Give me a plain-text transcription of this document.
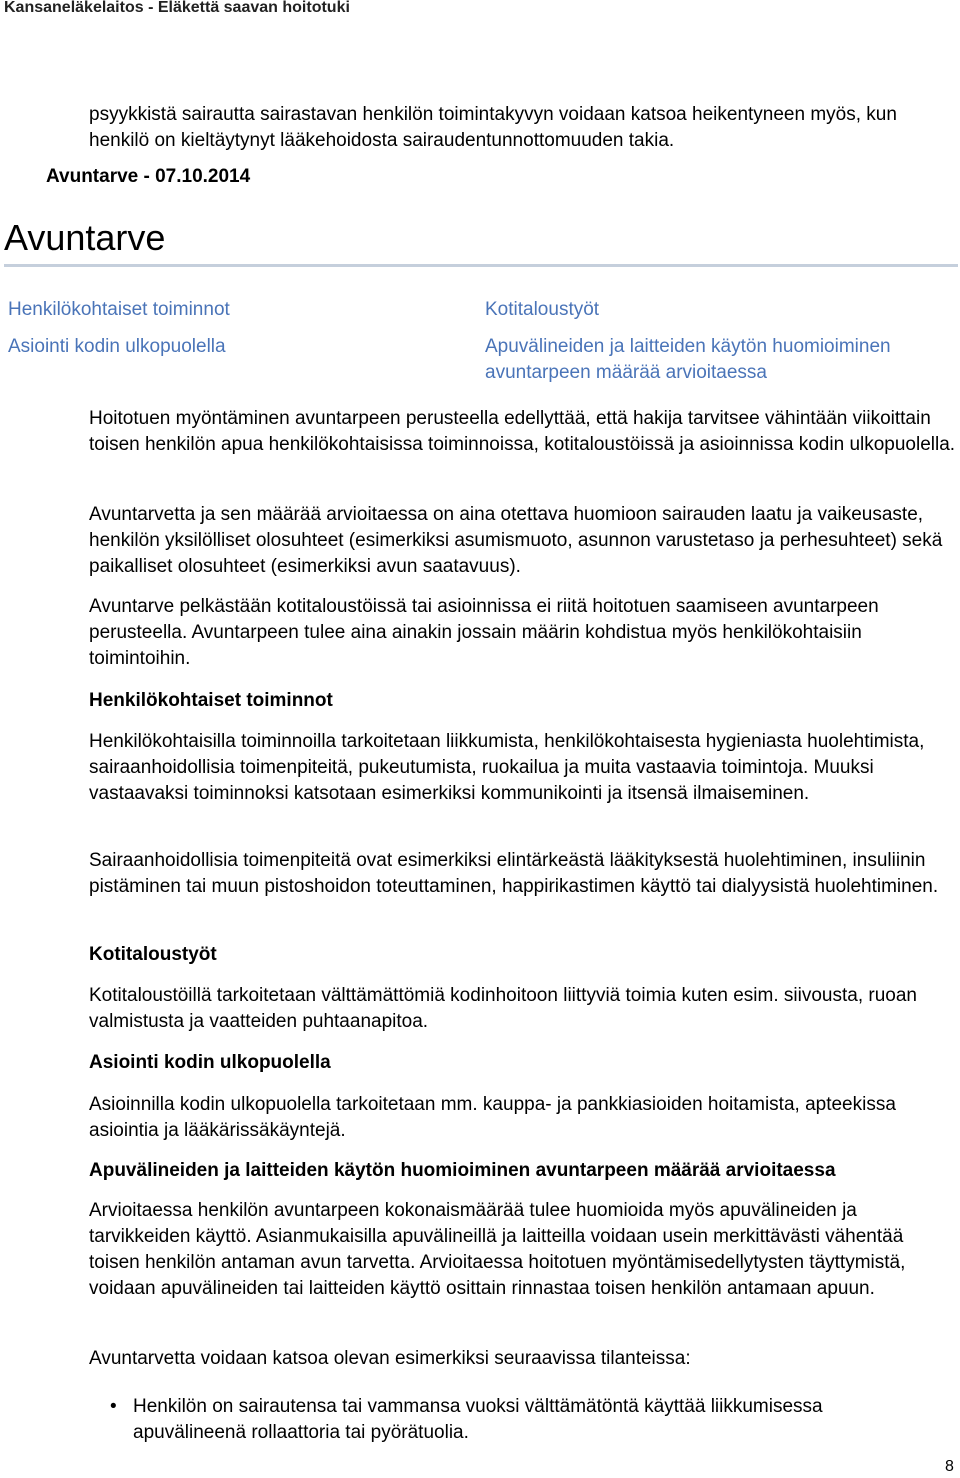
Kansaneläkelaitos - Eläkettä saavan hoitotuki

psyykkistä sairautta sairastavan henkilön toimintakyvyn voidaan katsoa heikentyneen myös, kun henkilö on kieltäytynyt lääkehoidosta sairaudentunnottomuuden takia.

Avuntarve - 07.10.2014

Avuntarve
Henkilökohtaiset toiminnot
Asiointi kodin ulkopuolella
Kotitaloustyöt
Apuvälineiden ja laitteiden käytön huomioiminen avuntarpeen määrää arvioitaessa

Hoitotuen myöntäminen avuntarpeen perusteella edellyttää, että hakija tarvitsee vähintään viikoittain toisen henkilön apua henkilökohtaisissa toiminnoissa, kotitaloustöissä ja asioinnissa kodin ulkopuolella.

Avuntarvetta ja sen määrää arvioitaessa on aina otettava huomioon sairauden laatu ja vaikeusaste, henkilön yksilölliset olosuhteet (esimerkiksi asumismuoto, asunnon varustetaso ja perhesuhteet) sekä paikalliset olosuhteet (esimerkiksi avun saatavuus).

Avuntarve pelkästään kotitaloustöissä tai asioinnissa ei riitä hoitotuen saamiseen avuntarpeen perusteella. Avuntarpeen tulee aina ainakin jossain määrin kohdistua myös henkilökohtaisiin toimintoihin.

Henkilökohtaiset toiminnot

Henkilökohtaisilla toiminnoilla tarkoitetaan liikkumista, henkilökohtaisesta hygieniasta huolehtimista, sairaanhoidollisia toimenpiteitä, pukeutumista, ruokailua ja muita vastaavia toimintoja. Muuksi vastaavaksi toiminnoksi katsotaan esimerkiksi kommunikointi ja itsensä ilmaiseminen.

Sairaanhoidollisia toimenpiteitä ovat esimerkiksi elintärkeästä lääkityksestä huolehtiminen, insuliinin pistäminen tai muun pistoshoidon toteuttaminen, happirikastimen käyttö tai dialyysistä huolehtiminen.

Kotitaloustyöt

Kotitaloustöillä tarkoitetaan välttämättömiä kodinhoitoon liittyviä toimia kuten esim. siivousta, ruoan valmistusta ja vaatteiden puhtaanapitoa.

Asiointi kodin ulkopuolella

Asioinnilla kodin ulkopuolella tarkoitetaan mm. kauppa- ja pankkiasioiden hoitamista, apteekissa asiointia ja lääkärissäkäyntejä.

Apuvälineiden ja laitteiden käytön huomioiminen avuntarpeen määrää arvioitaessa

Arvioitaessa henkilön avuntarpeen kokonaismäärää tulee huomioida myös apuvälineiden ja tarvikkeiden käyttö. Asianmukaisilla apuvälineillä ja laitteilla voidaan usein merkittävästi vähentää toisen henkilön antaman avun tarvetta. Arvioitaessa hoitotuen myöntämisedellytysten täyttymistä, voidaan apuvälineiden tai laitteiden käyttö osittain rinnastaa toisen henkilön antamaan apuun.

Avuntarvetta voidaan katsoa olevan esimerkiksi seuraavissa tilanteissa:

• Henkilön on sairautensa tai vammansa vuoksi välttämätöntä käyttää liikkumisessa apuvälineenä rollaattoria tai pyörätuolia.
8
